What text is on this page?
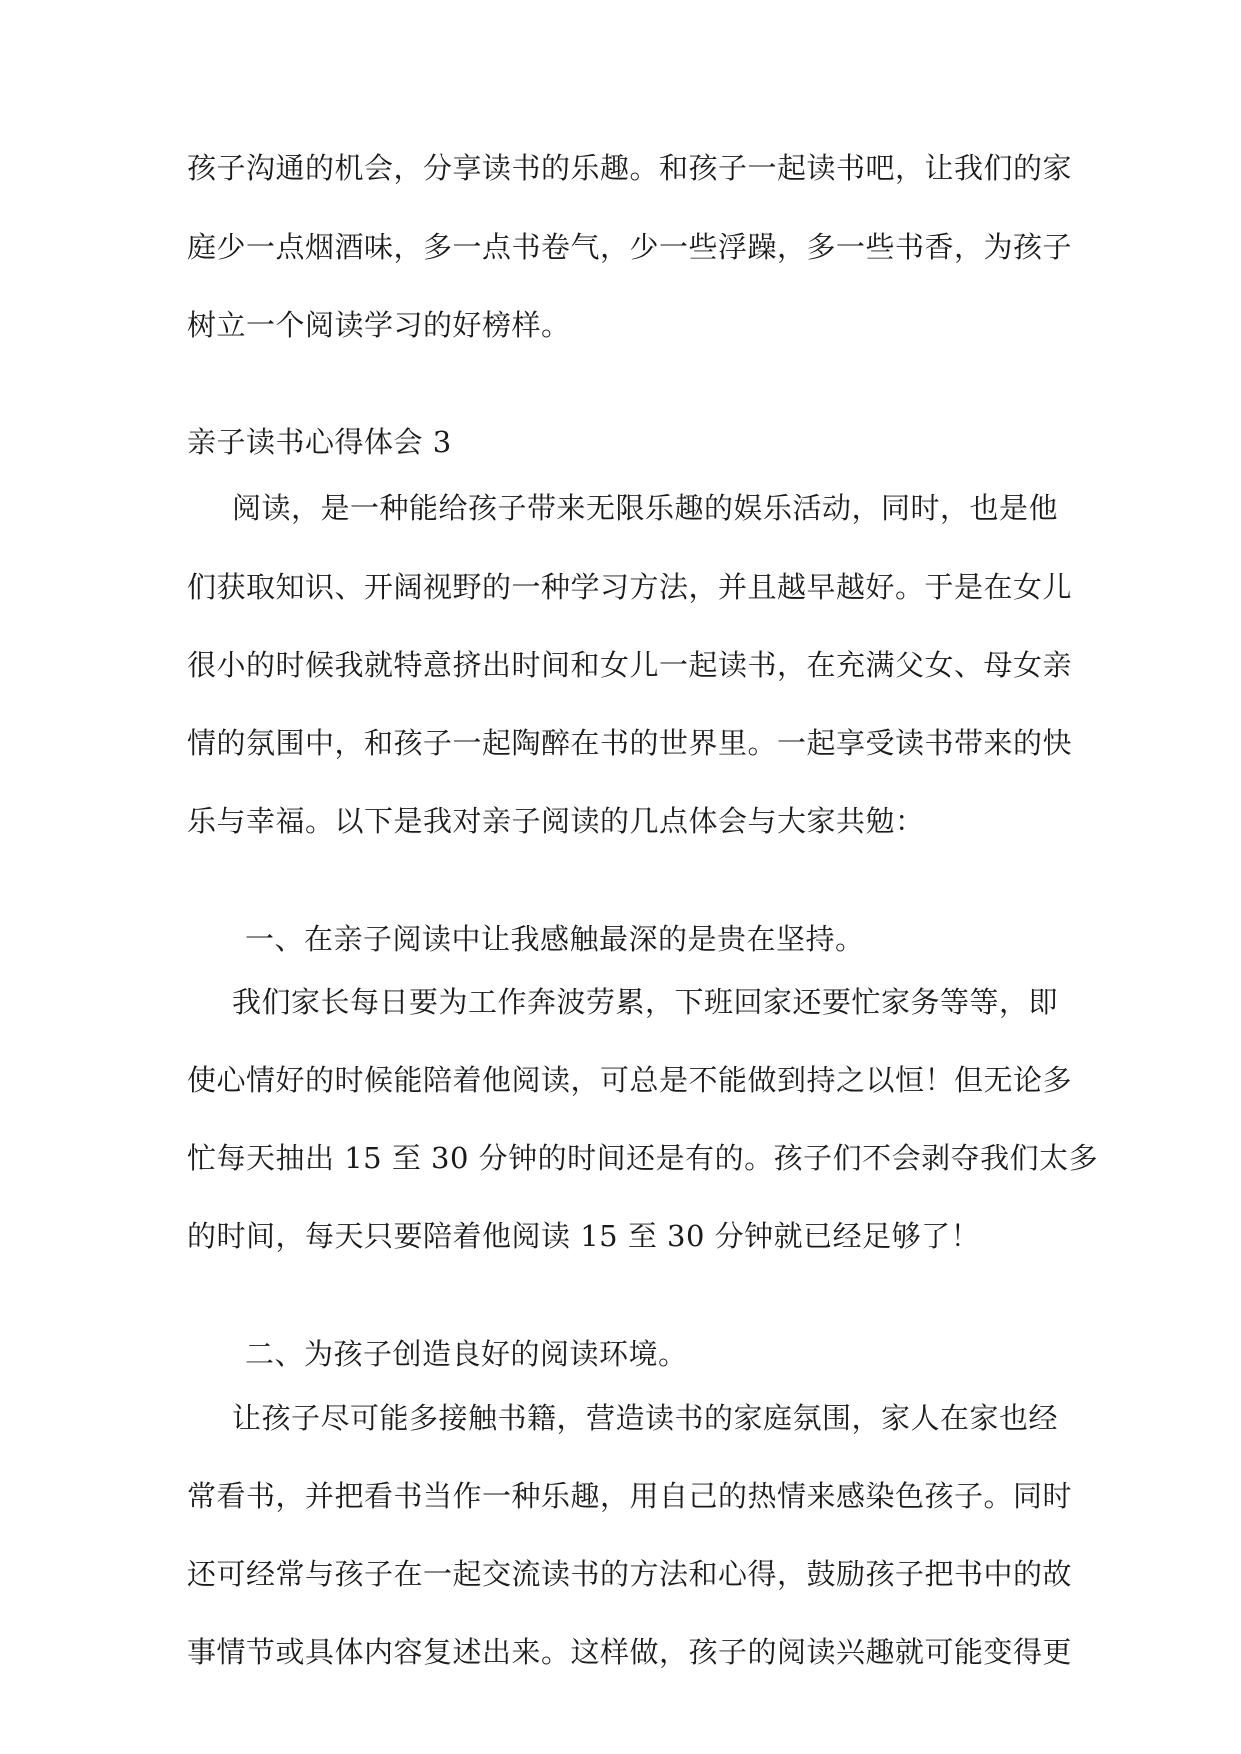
孩子沟通的机会，分享读书的乐趣。和孩子一起读书吧，让我们的家
庭少一点烟酒味，多一点书卷气，少一些浮躁，多一些书香，为孩子
树立一个阅读学习的好榜样。
亲子读书心得体会 3
阅读，是一种能给孩子带来无限乐趣的娱乐活动，同时，也是他
们获取知识、开阔视野的一种学习方法，并且越早越好。于是在女儿
很小的时候我就特意挤出时间和女儿一起读书，在充满父女、母女亲
情的氛围中，和孩子一起陶醉在书的世界里。一起享受读书带来的快
乐与幸福。以下是我对亲子阅读的几点体会与大家共勉：
一、在亲子阅读中让我感触最深的是贵在坚持。
我们家长每日要为工作奔波劳累，下班回家还要忙家务等等，即
使心情好的时候能陪着他阅读，可总是不能做到持之以恒！但无论多
忙每天抽出 15 至 30 分钟的时间还是有的。孩子们不会剥夺我们太多
的时间，每天只要陪着他阅读 15 至 30 分钟就已经足够了！
二、为孩子创造良好的阅读环境。
让孩子尽可能多接触书籍，营造读书的家庭氛围，家人在家也经
常看书，并把看书当作一种乐趣，用自己的热情来感染色孩子。同时
还可经常与孩子在一起交流读书的方法和心得，鼓励孩子把书中的故
事情节或具体内容复述出来。这样做，孩子的阅读兴趣就可能变得更
